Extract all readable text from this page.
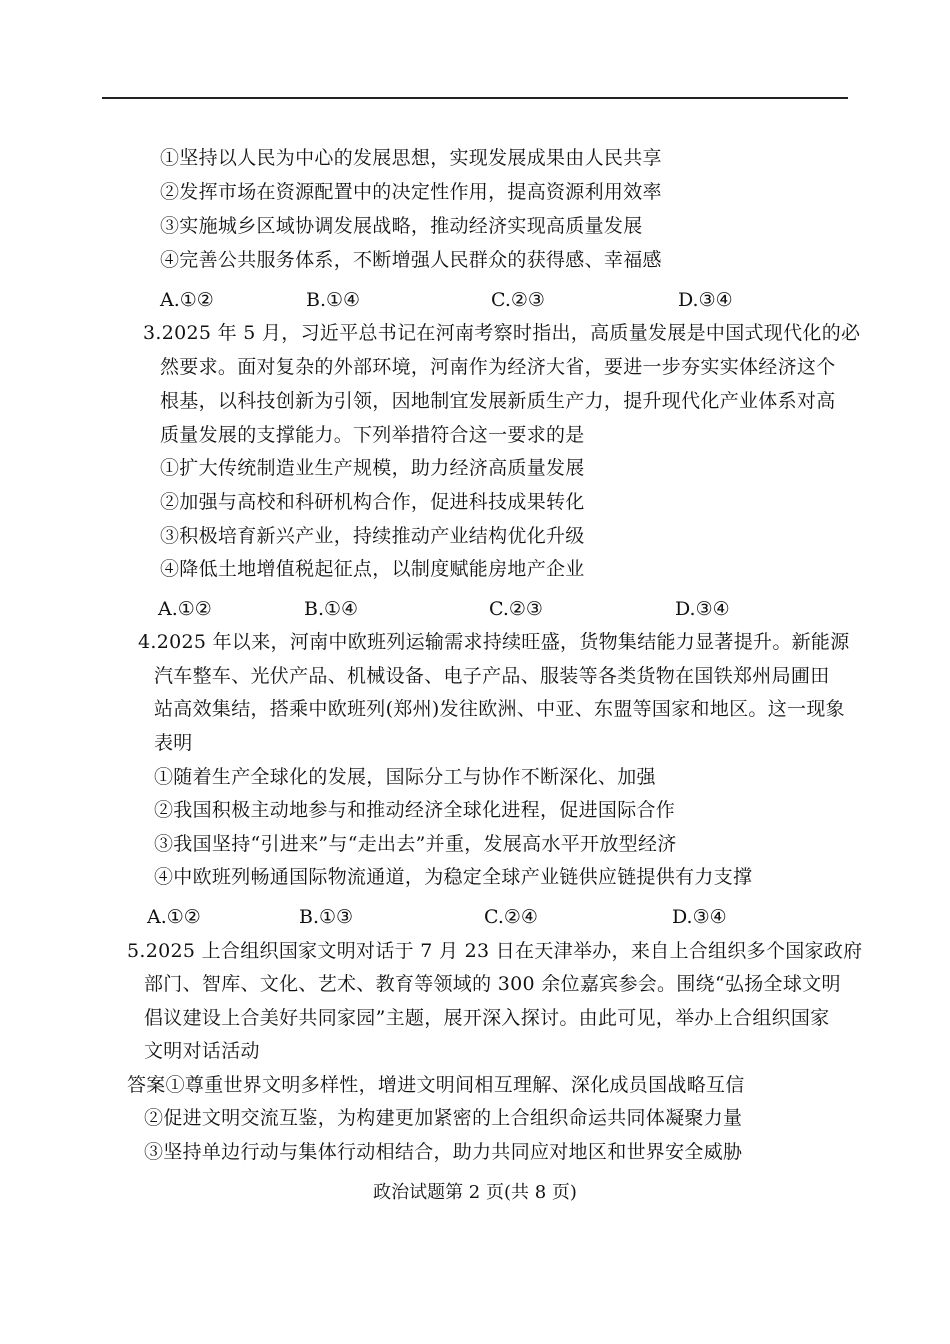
①坚持以人民为中心的发展思想，实现发展成果由人民共享
②发挥市场在资源配置中的决定性作用，提高资源利用效率
③实施城乡区域协调发展战略，推动经济实现高质量发展
④完善公共服务体系，不断增强人民群众的获得感、幸福感
A.①②	B.①④	C.②③	D.③④
3.2025 年 5 月，习近平总书记在河南考察时指出，高质量发展是中国式现代化的必
然要求。面对复杂的外部环境，河南作为经济大省，要进一步夯实实体经济这个
根基，以科技创新为引领，因地制宜发展新质生产力，提升现代化产业体系对高
质量发展的支撑能力。下列举措符合这一要求的是
①扩大传统制造业生产规模，助力经济高质量发展
②加强与高校和科研机构合作，促进科技成果转化
③积极培育新兴产业，持续推动产业结构优化升级
④降低土地增值税起征点，以制度赋能房地产企业
A.①②	B.①④	C.②③	D.③④
4.2025 年以来，河南中欧班列运输需求持续旺盛，货物集结能力显著提升。新能源
汽车整车、光伏产品、机械设备、电子产品、服装等各类货物在国铁郑州局圃田
站高效集结，搭乘中欧班列(郑州)发往欧洲、中亚、东盟等国家和地区。这一现象
表明
①随着生产全球化的发展，国际分工与协作不断深化、加强
②我国积极主动地参与和推动经济全球化进程，促进国际合作
③我国坚持“引进来”与“走出去”并重，发展高水平开放型经济
④中欧班列畅通国际物流通道，为稳定全球产业链供应链提供有力支撑
A.①②	B.①③	C.②④	D.③④
5.2025 上合组织国家文明对话于 7 月 23 日在天津举办，来自上合组织多个国家政府
部门、智库、文化、艺术、教育等领域的 300 余位嘉宾参会。围绕“弘扬全球文明
倡议建设上合美好共同家园”主题，展开深入探讨。由此可见，举办上合组织国家
文明对话活动
答案①尊重世界文明多样性，增进文明间相互理解、深化成员国战略互信
②促进文明交流互鉴，为构建更加紧密的上合组织命运共同体凝聚力量
③坚持单边行动与集体行动相结合，助力共同应对地区和世界安全威胁
政治试题第 2 页(共 8 页)
